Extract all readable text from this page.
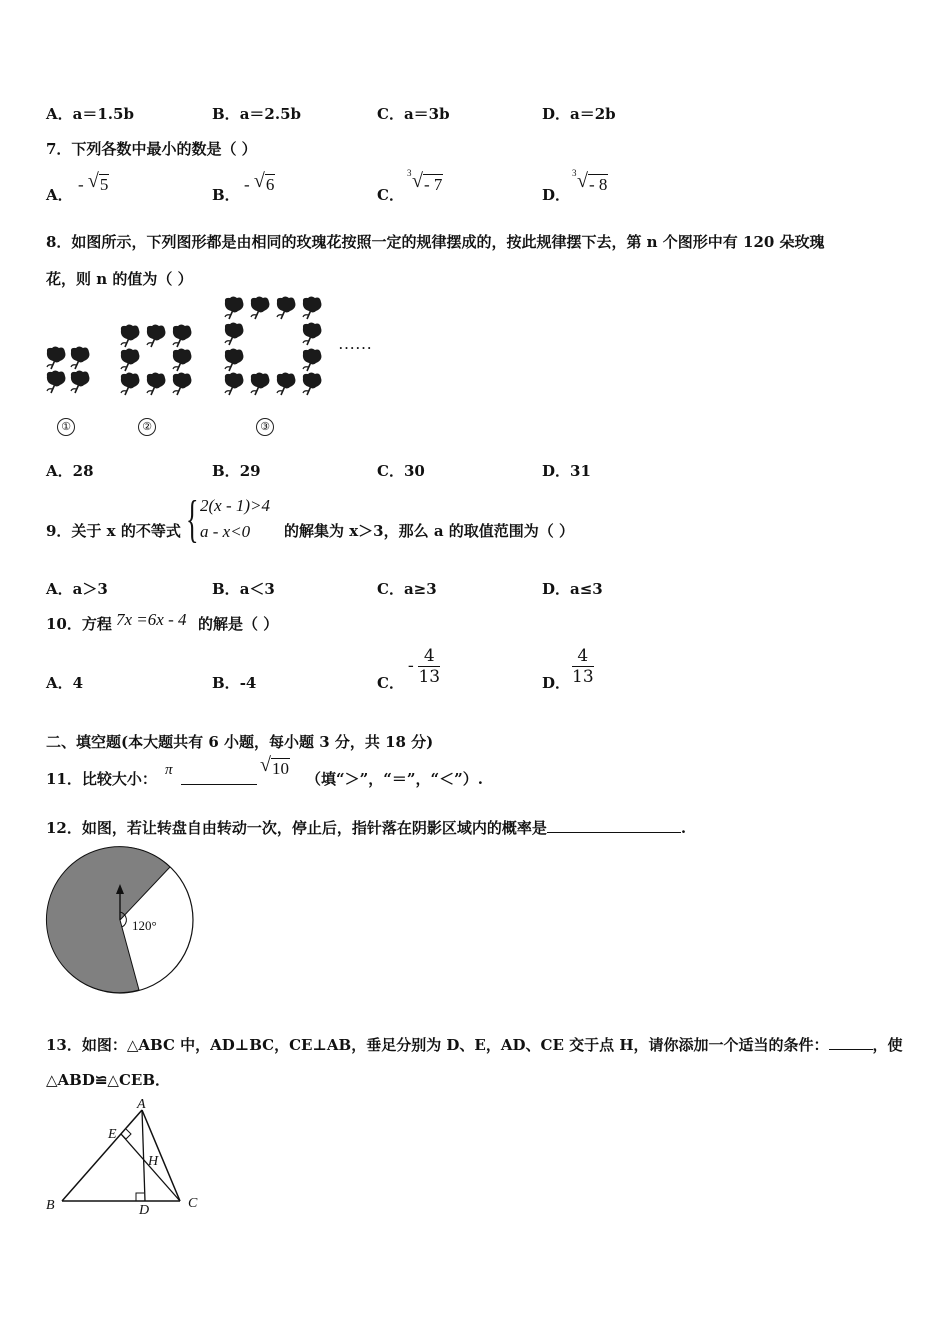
A．a＝1.5b	B．a＝2.5b	C．a＝3b	D．a＝2b
7．下列各数中最小的数是（ ）
A．
- √ 5
B．
- √ 6
C．
3 √ - 7
D．
3 √ - 8
8．如图所示，下列图形都是由相同的玫瑰花按照一定的规律摆成的，按此规律摆下去，第 n 个图形中有 120 朵玫瑰
花，则 n 的值为（ ）
……
①	②	③
A．28	B．29	C．30	D．31
9．关于 x 的不等式 { 2(x - 1)>4
a - x<0 的解集为 x＞3，那么 a 的取值范围为（ ）
A．a＞3	B．a＜3	C．a≥3	D．a≤3
10．方程 7x =6x - 4 的解是（ ）
A．4	B．-4	C．
- $\frac{4}{13}$	D． $\frac{4}{13}$
二、填空题(本大题共有 6 小题，每小题 3 分，共 18 分)
11．比较大小： π	√ 10
（填“＞”，“＝”，“＜”）.
12．如图，若让转盘自由转动一次，停止后，指针落在阴影区域内的概率是	.
120°
13．如图：△ABC 中，AD⊥BC，CE⊥AB，垂足分别为 D、E，AD、CE 交于点 H，请你添加一个适当的条件：	，使
△ABD≌△CEB．
A
E
H
B	D	C
